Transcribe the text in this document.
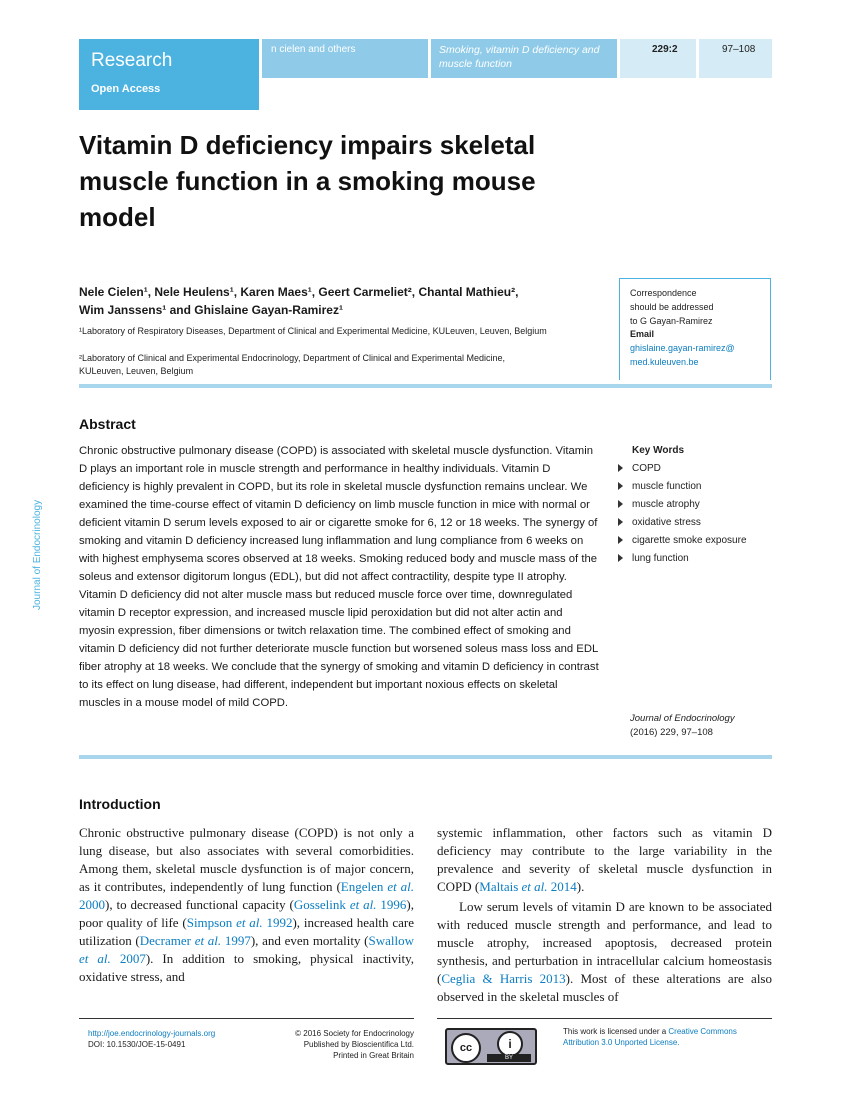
Research
Open Access
n cielen and others	Smoking, vitamin D deficiency and muscle function
229:2	97–108
Vitamin D deficiency impairs skeletal muscle function in a smoking mouse model
Nele Cielen¹, Nele Heulens¹, Karen Maes¹, Geert Carmeliet², Chantal Mathieu²,
Wim Janssens¹ and Ghislaine Gayan-Ramirez¹
¹Laboratory of Respiratory Diseases, Department of Clinical and Experimental Medicine, KULeuven, Leuven, Belgium
²Laboratory of Clinical and Experimental Endocrinology, Department of Clinical and Experimental Medicine, KULeuven, Leuven, Belgium
Correspondence
should be addressed
to G Gayan-Ramirez
Email
ghislaine.gayan-ramirez@
med.kuleuven.be
Abstract

Chronic obstructive pulmonary disease (COPD) is associated with skeletal muscle dysfunction. Vitamin D plays an important role in muscle strength and performance in healthy individuals. Vitamin D deficiency is highly prevalent in COPD, but its role in skeletal muscle dysfunction remains unclear. We examined the time-course effect of vitamin D deficiency on limb muscle function in mice with normal or deficient vitamin D serum levels exposed to air or cigarette smoke for 6, 12 or 18 weeks. The synergy of smoking and vitamin D deficiency increased lung inflammation and lung compliance from 6 weeks on with highest emphysema scores observed at 18 weeks. Smoking reduced body and muscle mass of the soleus and extensor digitorum longus (EDL), but did not affect contractility, despite type II atrophy. Vitamin D deficiency did not alter muscle mass but reduced muscle force over time, downregulated vitamin D receptor expression, and increased muscle lipid peroxidation but did not alter actin and myosin expression, fiber dimensions or twitch relaxation time. The combined effect of smoking and vitamin D deficiency did not further deteriorate muscle function but worsened soleus mass loss and EDL fiber atrophy at 18 weeks. We conclude that the synergy of smoking and vitamin D deficiency in contrast to its effect on lung disease, had different, independent but important noxious effects on skeletal muscles in a mouse model of mild COPD.

Key Words
COPD
muscle function
muscle atrophy
oxidative stress
cigarette smoke exposure
lung function
Journal of Endocrinology
(2016) 229, 97–108
Journal of Endocrinology
Introduction

Chronic obstructive pulmonary disease (COPD) is not only a lung disease, but also associates with several comorbidities. Among them, skeletal muscle dysfunction is of major concern, as it contributes, independently of lung function (Engelen et al. 2000), to decreased functional capacity (Gosselink et al. 1996), poor quality of life (Simpson et al. 1992), increased health care utilization (Decramer et al. 1997), and even mortality (Swallow et al. 2007). In addition to smoking, physical inactivity, oxidative stress, and

systemic inflammation, other factors such as vitamin D deficiency may contribute to the large variability in the prevalence and severity of skeletal muscle dysfunction in COPD (Maltais et al. 2014).

Low serum levels of vitamin D are known to be associated with reduced muscle strength and performance, and lead to muscle atrophy, increased apoptosis, decreased protein synthesis, and perturbation in intracellular calcium homeostasis (Ceglia & Harris 2013). Most of these alterations are also observed in the skeletal muscles of

http://joe.endocrinology-journals.org
DOI: 10.1530/JOE-15-0491
© 2016 Society for Endocrinology
Published by Bioscientifica Ltd.
Printed in Great Britain
cc	i
BY
This work is licensed under a Creative Commons
Attribution 3.0 Unported License.
